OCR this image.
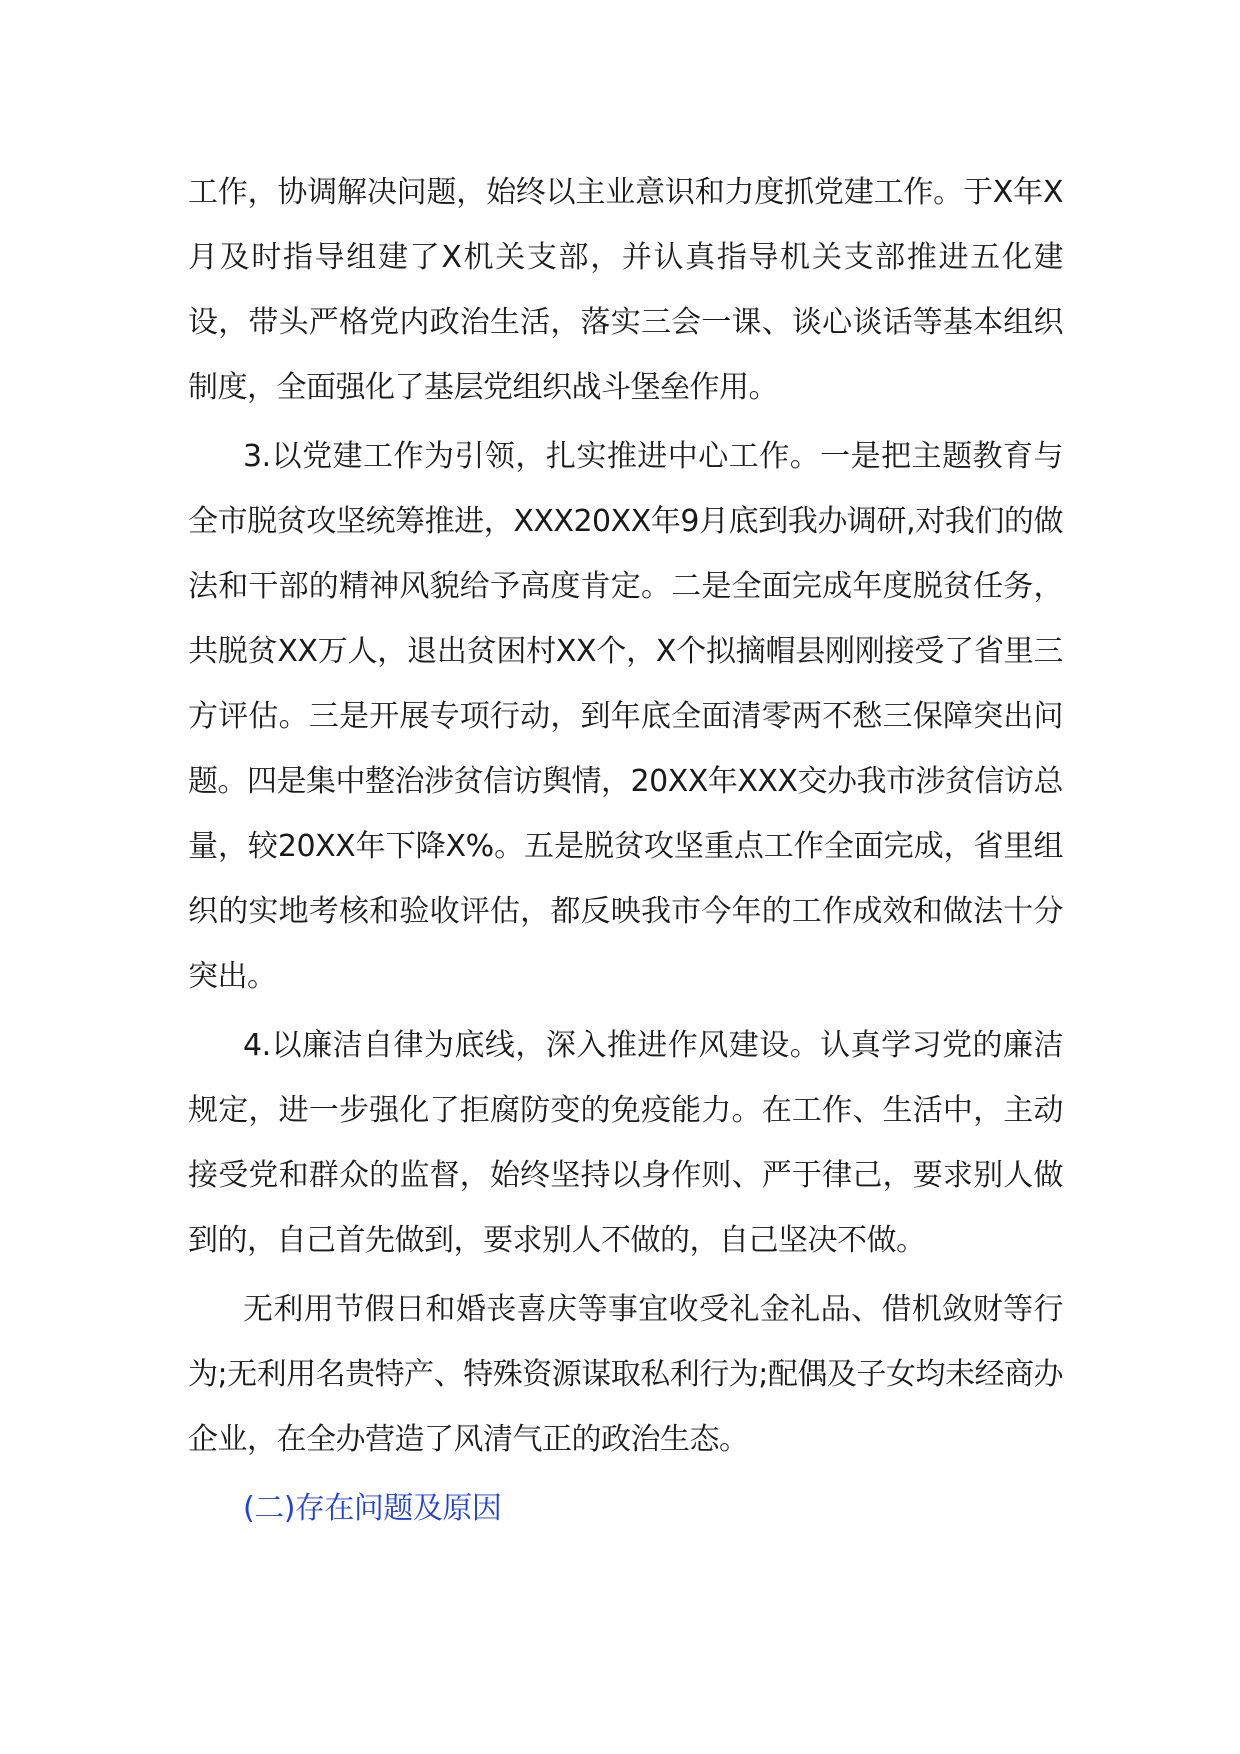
工作，协调解决问题，始终以主业意识和力度抓党建工作。于X年X月及时指导组建了X机关支部，并认真指导机关支部推进五化建设，带头严格党内政治生活，落实三会一课、谈心谈话等基本组织制度，全面强化了基层党组织战斗堡垒作用。

3.以党建工作为引领，扎实推进中心工作。一是把主题教育与全市脱贫攻坚统筹推进，XXX20XX年9月底到我办调研,对我们的做法和干部的精神风貌给予高度肯定。二是全面完成年度脱贫任务，共脱贫XX万人，退出贫困村XX个，X个拟摘帽县刚刚接受了省里三方评估。三是开展专项行动，到年底全面清零两不愁三保障突出问题。四是集中整治涉贫信访舆情，20XX年XXX交办我市涉贫信访总量，较20XX年下降X%。五是脱贫攻坚重点工作全面完成，省里组织的实地考核和验收评估，都反映我市今年的工作成效和做法十分突出。

4.以廉洁自律为底线，深入推进作风建设。认真学习党的廉洁规定，进一步强化了拒腐防变的免疫能力。在工作、生活中，主动接受党和群众的监督，始终坚持以身作则、严于律己，要求别人做到的，自己首先做到，要求别人不做的，自己坚决不做。

无利用节假日和婚丧喜庆等事宜收受礼金礼品、借机敛财等行为;无利用名贵特产、特殊资源谋取私利行为;配偶及子女均未经商办企业，在全办营造了风清气正的政治生态。

(二)存在问题及原因
